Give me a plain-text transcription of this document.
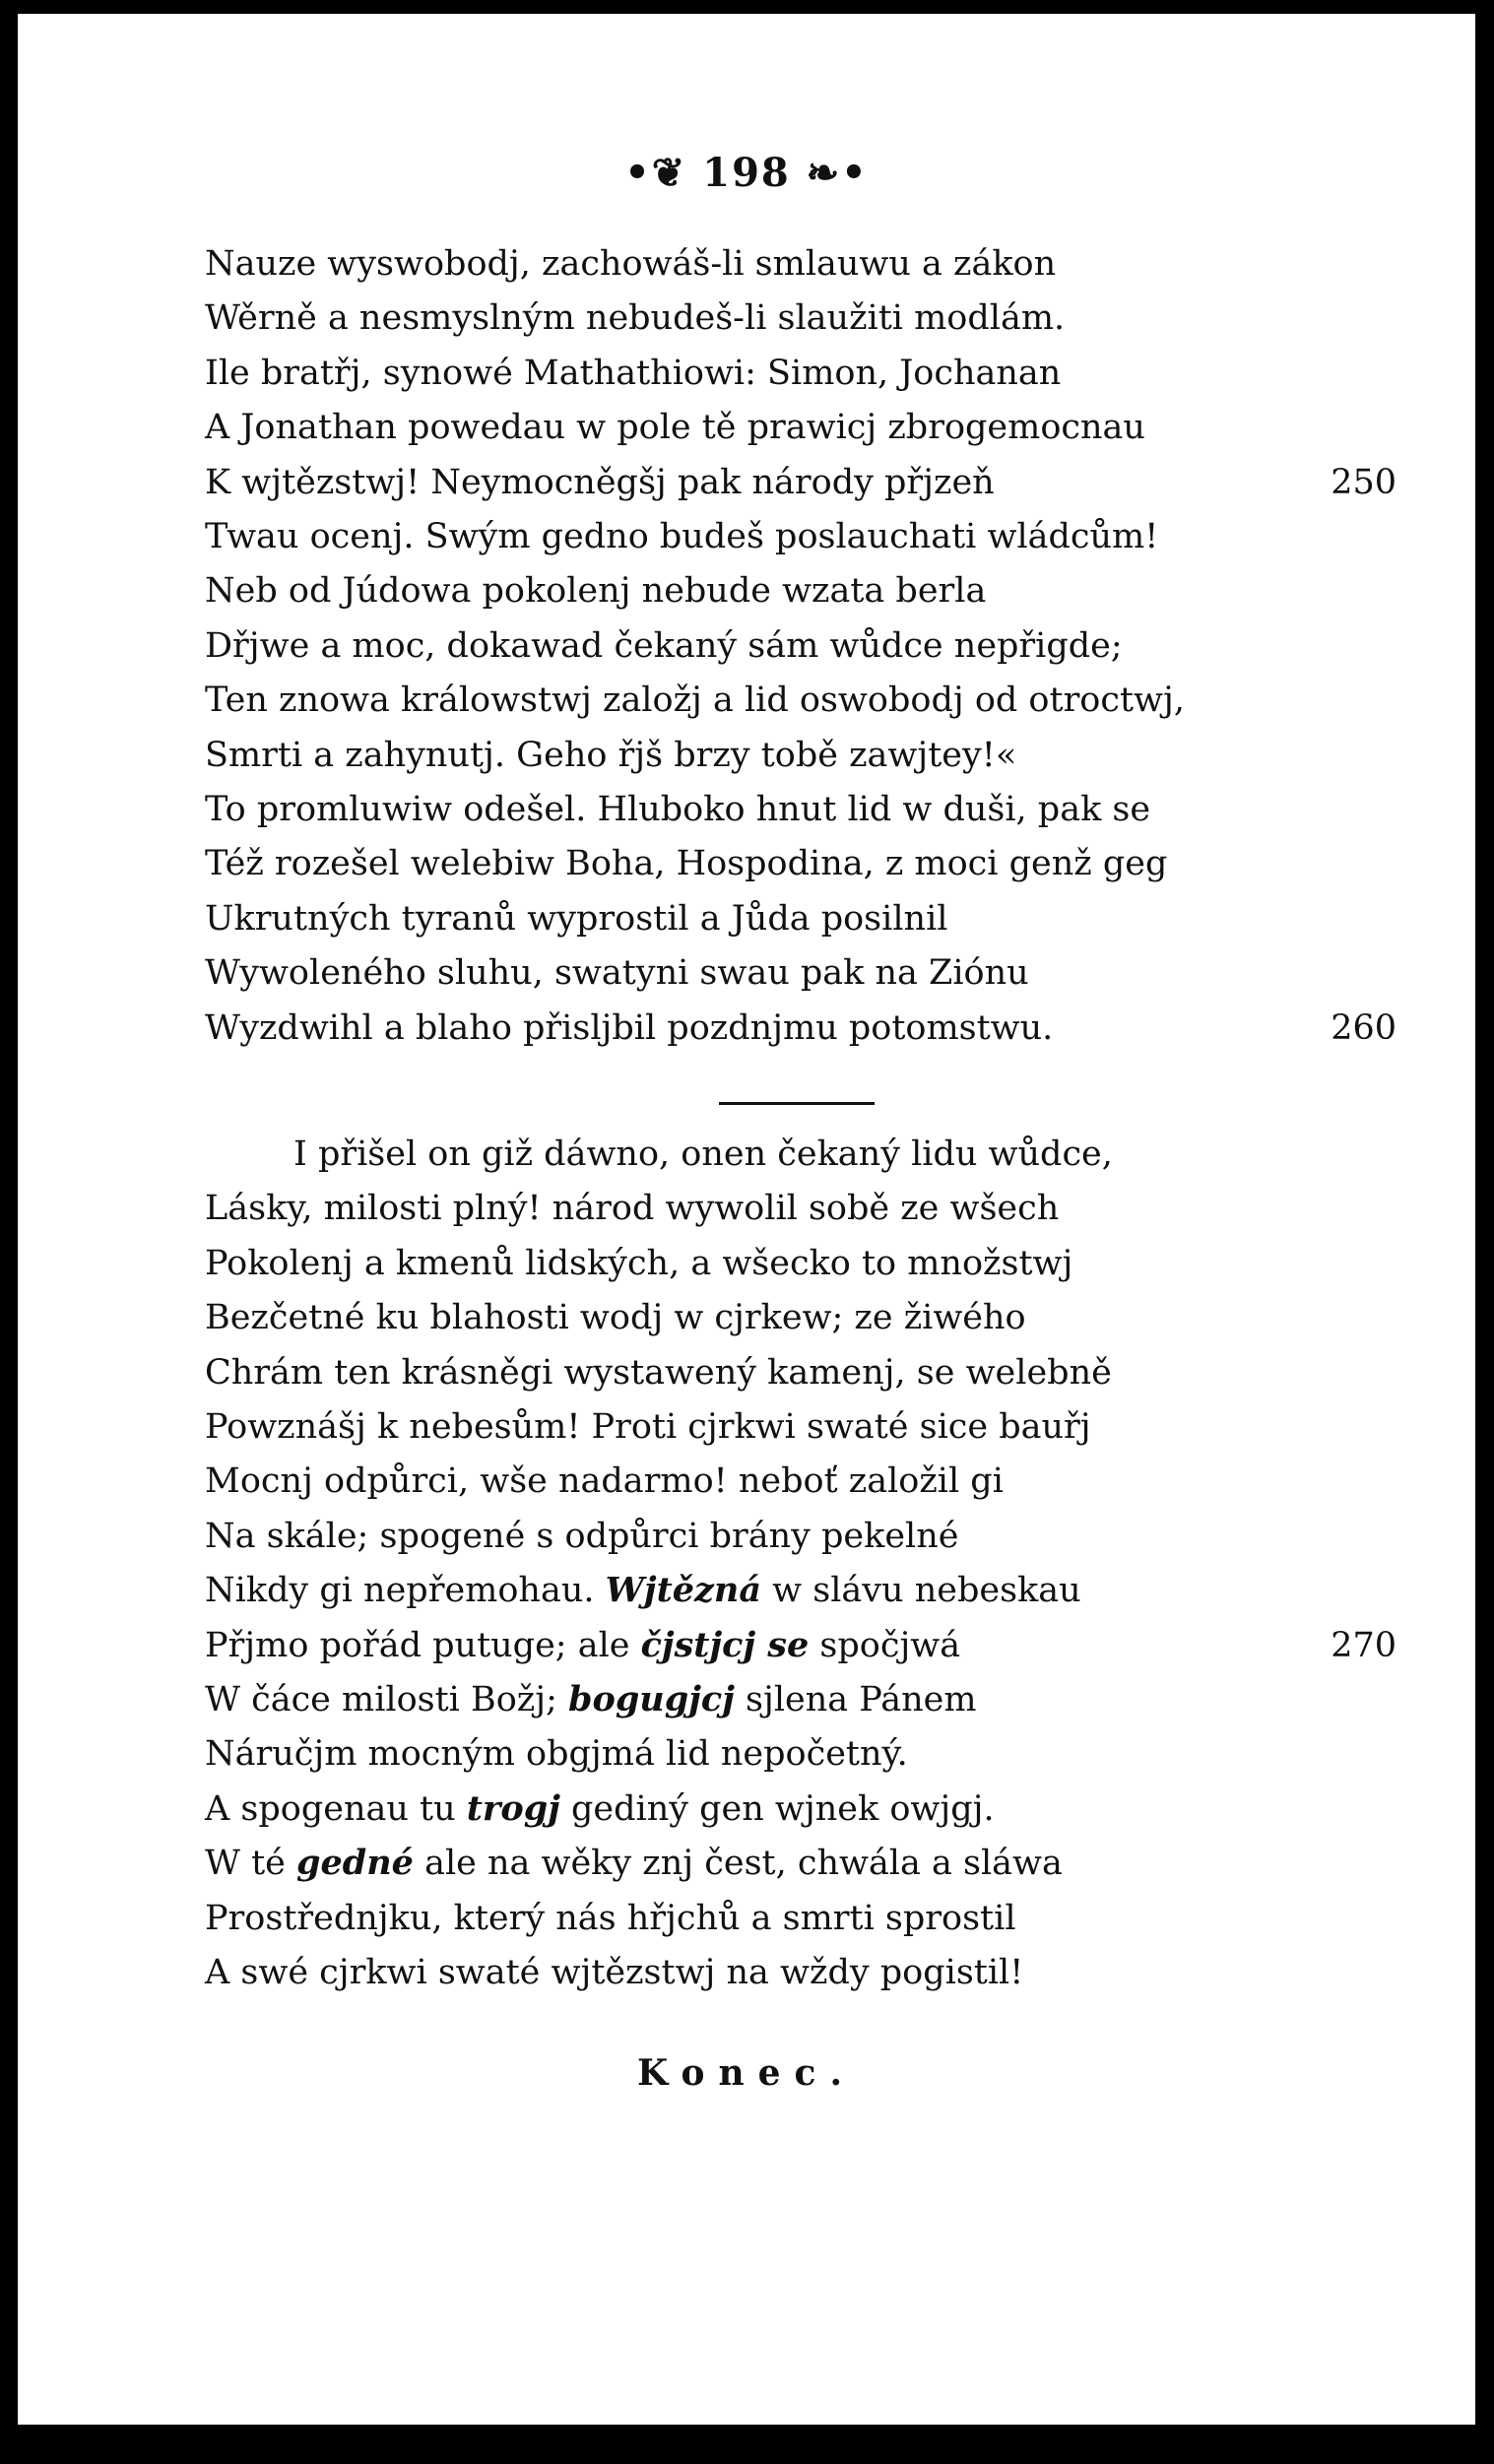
•❦ 198 ❧•
Nauze wyswobodj, zachowáš-li smlauwu a zákon
Wěrně a nesmyslným nebudeš-li slaužiti modlám.
Ile bratřj, synowé Mathathiowi: Simon, Jochanan
A Jonathan powedau w pole tě prawicj zbrogemocnau
K wjtězstwj! Neymocněgšj pak národy přjzeň	250
Twau ocenj. Swým gedno budeš poslauchati wládcům!
Neb od Júdowa pokolenj nebude wzata berla
Dřjwe a moc, dokawad čekaný sám wůdce nepřigde;
Ten znowa králowstwj založj a lid oswobodj od otroctwj,
Smrti a zahynutj. Geho řjš brzy tobě zawjtey!«
To promluwiw odešel. Hluboko hnut lid w duši, pak se
Též rozešel welebiw Boha, Hospodina, z moci genž geg
Ukrutných tyranů wyprostil a Jůda posilnil
Wywoleného sluhu, swatyni swau pak na Ziónu
Wyzdwihl a blaho přisljbil pozdnjmu potomstwu.	260
I přišel on giž dáwno, onen čekaný lidu wůdce,
Lásky, milosti plný! národ wywolil sobě ze wšech
Pokolenj a kmenů lidských, a wšecko to množstwj
Bezčetné ku blahosti wodj w cjrkew; ze žiwého
Chrám ten krásněgi wystawený kamenj, se welebně
Powznášj k nebesům! Proti cjrkwi swaté sice bauřj
Mocnj odpůrci, wše nadarmo! neboť založil gi
Na skále; spogené s odpůrci brány pekelné
Nikdy gi nepřemohau. Wjtězná w slávu nebeskau
Přjmo pořád putuge; ale čjstjcj se spočjwá	270
W čáce milosti Božj; bogugjcj sjlena Pánem
Náručjm mocným obgjmá lid nepočetný.
A spogenau tu trogj gediný gen wjnek owjgj.
W té gedné ale na wěky znj čest, chwála a sláwa
Prostřednjku, který nás hřjchů a smrti sprostil
A swé cjrkwi swaté wjtězstwj na wždy pogistil!
Konec.
